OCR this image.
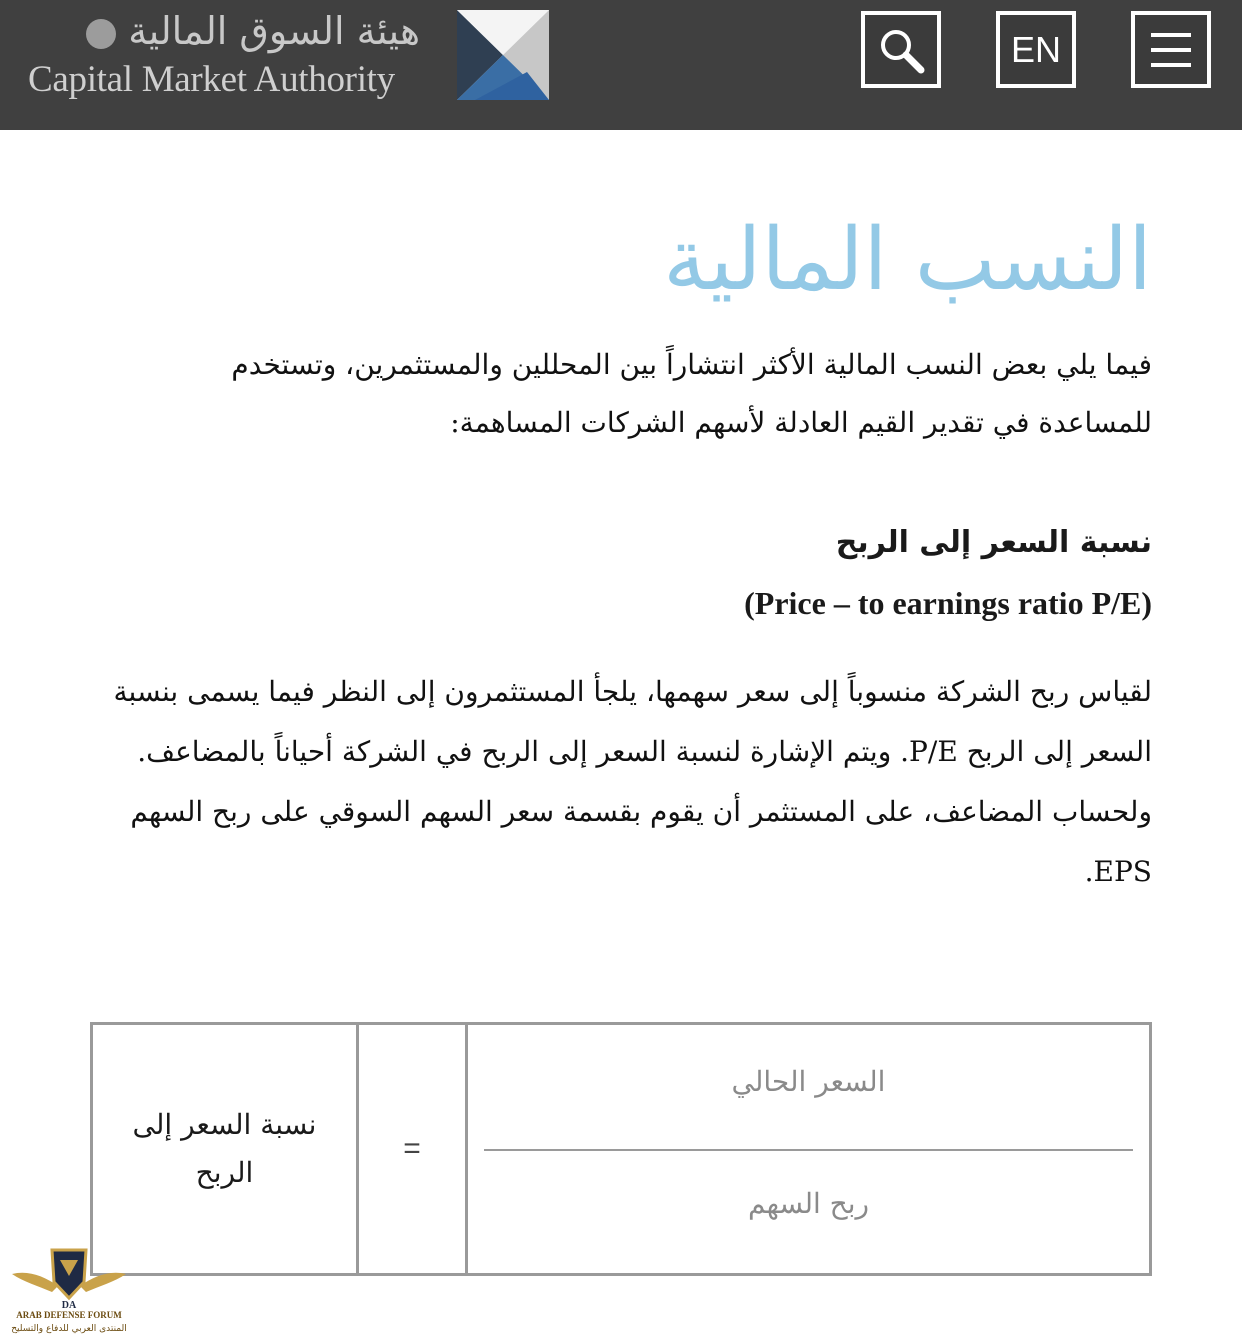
هيئة السوق المالية
Capital Market Authority
EN
النسب المالية

فيما يلي بعض النسب المالية الأكثر انتشاراً بين المحللين والمستثمرين، وتستخدم للمساعدة في تقدير القيم العادلة لأسهم الشركات المساهمة:

نسبة السعر إلى الربح
(Price – to earnings ratio P/E)

لقياس ربح الشركة منسوباً إلى سعر سهمها، يلجأ المستثمرون إلى النظر فيما يسمى بنسبة السعر إلى الربح P/E. ويتم الإشارة لنسبة السعر إلى الربح في الشركة أحياناً بالمضاعف. ولحساب المضاعف، على المستثمر أن يقوم بقسمة سعر السهم السوقي على ربح السهم EPS.

نسبة السعر إلى الربح
=
السعر الحالي
ربح السهم
DA
ARAB DEFENSE FORUM
المنتدى العربي للدفاع والتسليح
